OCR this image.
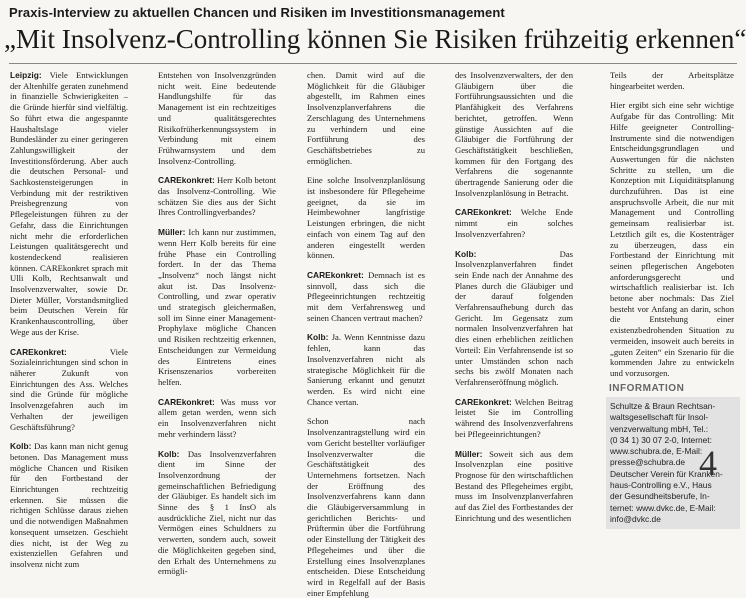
Praxis-Interview zu aktuellen Chancen und Risiken im Investitionsmanagement
„Mit Insolvenz-Controlling können Sie Risiken frühzeitig erkennen“

Leipzig: Viele Entwicklungen der Altenhilfe geraten zunehmend in finanzielle Schwierigkeiten – die Gründe hierfür sind vielfältig. So führt etwa die angespannte Haushaltslage vieler Bundesländer zu einer geringeren Zahlungswilligkeit der Investitionsförderung. Aber auch die deutschen Personal- und Sachkostensteigerungen in Verbindung mit der restriktiven Preisbegrenzung von Pflegeleistungen führen zu der Gefahr, dass die Einrichtungen nicht mehr die erforderlichen Leistungen qualitätsgerecht und kostendeckend realisieren können. CAREkonkret sprach mit Ulli Kolb, Rechtsanwalt und Insolvenzverwalter, sowie Dr. Dieter Müller, Vorstandsmitglied beim Deutschen Verein für Krankenhauscontrolling, über Wege aus der Krise.

CAREkonkret: Viele Sozialeinrichtungen sind schon in näherer Zukunft von Einrichtungen des Ass. Welches sind die Gründe für mögliche Insolvenzgefahren auch im Verhalten der jeweiligen Geschäftsführung?

Kolb: Das kann man nicht genug betonen. Das Management muss mögliche Chancen und Risiken für den Fortbestand der Einrichtungen rechtzeitig erkennen. Sie müssen die richtigen Schlüsse daraus ziehen und die notwendigen Maßnahmen konsequent umsetzen. Geschieht dies nicht, ist der Weg zu existenziellen Gefahren und insolvenz nicht zum

Entstehen von Insolvenzgründen nicht weit. Eine bedeutende Handlungshilfe für das Management ist ein rechtzeitiges und qualitätsgerechtes Risikofrüherkennungssystem in Verbindung mit einem Frühwarnsystem und dem Insolvenz-Controlling.

CAREkonkret: Herr Kolb betont das Insolvenz-Controlling. Wie schätzen Sie dies aus der Sicht Ihres Controllingverbandes?

Müller: Ich kann nur zustimmen, wenn Herr Kolb bereits für eine frühe Phase ein Controlling fordert. In der das Thema „Insolvenz“ noch längst nicht akut ist. Das Insolvenz-Controlling, und zwar operativ und strategisch gleichermaßen, soll im Sinne einer Management-Prophylaxe mögliche Chancen und Risiken rechtzeitig erkennen, Entscheidungen zur Vermeidung des Eintretens eines Krisenszenarios vorbereiten helfen.

CAREkonkret: Was muss vor allem getan werden, wenn sich ein Insolvenzverfahren nicht mehr verhindern lässt?

Kolb: Das Insolvenzverfahren dient im Sinne der Insolvenzordnung der gemeinschaftlichen Befriedigung der Gläubiger. Es handelt sich im Sinne des § 1 InsO als ausdrückliche Ziel, nicht nur das Vermögen eines Schuldners zu verwerten, sondern auch, soweit die Möglichkeiten gegeben sind, den Erhalt des Unternehmens zu ermögli-

chen. Damit wird auf die Möglichkeit für die Gläubiger abgestellt, im Rahmen eines Insolvenzplanverfahrens die Zerschlagung des Unternehmens zu verhindern und eine Fortführung des Geschäftsbetriebes zu ermöglichen.

Eine solche Insolvenzplanlösung ist insbesondere für Pflegeheime geeignet, da sie im Heimbewohner langfristige Leistungen erbringen, die nicht einfach von einem Tag auf den anderen eingestellt werden können.

CAREkonkret: Demnach ist es sinnvoll, dass sich die Pflegeeinrichtungen rechtzeitig mit dem Verfahrensweg und seinen Chancen vertraut machen?

Kolb: Ja. Wenn Kenntnisse dazu fehlen, kann das Insolvenzverfahren nicht als strategische Möglichkeit für die Sanierung erkannt und genutzt werden. Es wird nicht eine Chance vertan.

Schon nach Insolvenzantragstellung wird ein vom Gericht bestellter vorläufiger Insolvenzverwalter die Geschäftstätigkeit des Unternehmens fortsetzen. Nach der Eröffnung des Insolvenzverfahrens kann dann die Gläubigerversammlung in gerichtlichen Berichts- und Prüftermin über die Fortführung oder Einstellung der Tätigkeit des Pflegeheimes und über die Erstellung eines Insolvenzplanes entscheiden. Diese Entscheidung wird in Regelfall auf der Basis einer Empfehlung

des Insolvenzverwalters, der den Gläubigern über die Fortführungsaussichten und die Planfähigkeit des Verfahrens berichtet, getroffen. Wenn günstige Aussichten auf die Gläubiger die Fortführung der Geschäftstätigkeit beschließen, kommen für den Fortgang des Verfahrens die sogenannte übertragende Sanierung oder die Insolvenzplanlösung in Betracht.

CAREkonkret: Welche Ende nimmt ein solches Insolvenzverfahren?

Kolb: Das Insolvenzplanverfahren findet sein Ende nach der Annahme des Planes durch die Gläubiger und der darauf folgenden Verfahrensaufhebung durch das Gericht. Im Gegensatz zum normalen Insolvenzverfahren hat dies einen erheblichen zeitlichen Vorteil: Ein Verfahrensende ist so unter Umständen schon nach sechs bis zwölf Monaten nach Verfahrenseröffnung möglich.

CAREkonkret: Welchen Beitrag leistet Sie im Controlling während des Insolvenzverfahrens bei Pflegeeinrichtungen?

Müller: Soweit sich aus dem Insolvenzplan eine positive Prognose für den wirtschaftlichen Bestand des Pflegeheimes ergibt, muss im Insolvenzplanverfahren auf das Ziel des Fortbestandes der Einrichtung und des wesentlichen

Teils der Arbeitsplätze hingearbeitet werden.

Hier ergibt sich eine sehr wichtige Aufgabe für das Controlling: Mit Hilfe geeigneter Controlling-Instrumente sind die notwendigen Entscheidungsgrundlagen und Auswertungen für die nächsten Schritte zu stellen, um die Konzeption mit Liquiditätsplanung durchzuführen. Das ist eine anspruchsvolle Arbeit, die nur mit Management und Controlling gemeinsam realisierbar ist. Letztlich gilt es, die Kostenträger zu überzeugen, dass ein Fortbestand der Einrichtung mit seinen pflegerischen Angeboten anforderungsgerecht und wirtschaftlich realisierbar ist. Ich betone aber nochmals: Das Ziel besteht vor Anfang an darin, schon die Entstehung einer existenzbedrohenden Situation zu vermeiden, insoweit auch bereits in „guten Zeiten“ ein Szenario für die kommenden Jahre zu entwickeln und vorzusorgen.

INFORMATION
Schultze & Braun Rechtsan-
waltsgesellschaft für Insol-
venzverwaltung mbH, Tel.:
(0 34 1) 30 07 2-0, Internet:
www.schubra.de, E-Mail:
presse@schubra.de
Deutscher Verein für Kranken-
haus-Controlling e.V., Haus
der Gesundheitsberufe, In-
ternet: www.dvkc.de, E-Mail:
info@dvkc.de
4
